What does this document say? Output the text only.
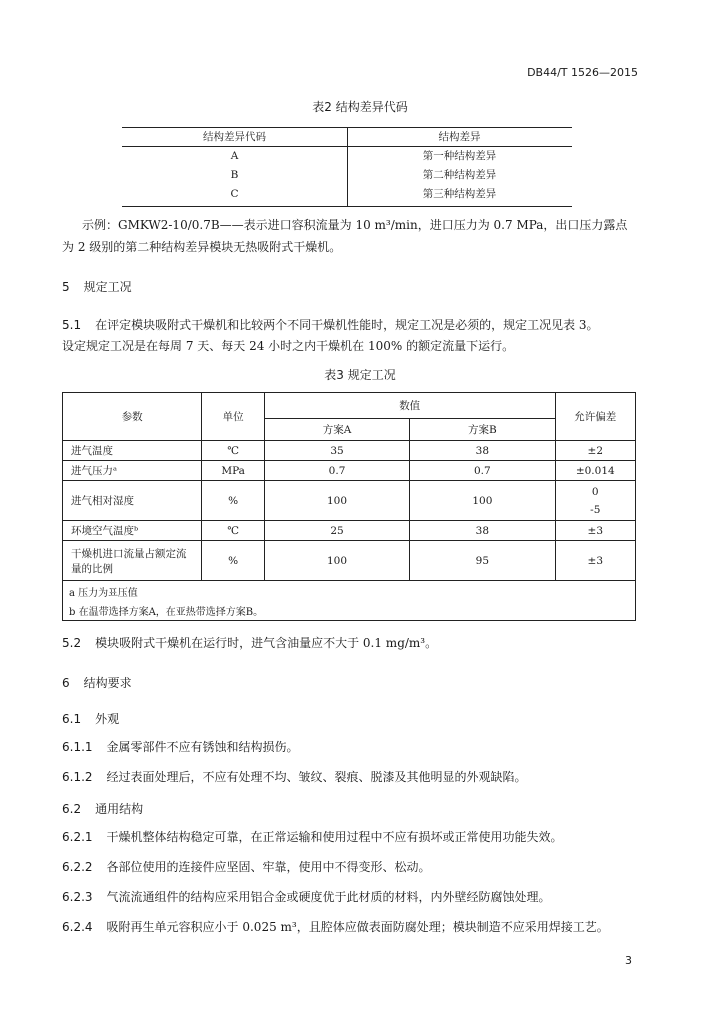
DB44/T 1526—2015
表2 结构差异代码
结构差异代码	结构差异
A	第一种结构差异
B	第二种结构差异
C	第三种结构差异
示例：GMKW2-10/0.7B——表示进口容积流量为 10 m³/min，进口压力为 0.7 MPa，出口压力露点
为 2 级别的第二种结构差异模块无热吸附式干燥机。
5 规定工况
5.1 在评定模块吸附式干燥机和比较两个不同干燥机性能时，规定工况是必须的，规定工况见表 3。
设定规定工况是在每周 7 天、每天 24 小时之内干燥机在 100% 的额定流量下运行。
表3 规定工况
参数	单位	数值		允许偏差
		方案A	方案B	
进气温度	℃	35	38	±2
进气压力ᵃ	MPa	0.7	0.7	±0.014
进气相对湿度	%	100	100	0
-5

环境空气温度ᵇ	℃	25	38	±3

干燥机进口流量占额定流
量的比例	%	100	95	±3

a 压力为표压值
b 在温带选择方案A，在亚热带选择方案B。				
5.2 模块吸附式干燥机在运行时，进气含油量应不大于 0.1 mg/m³。
6 结构要求
6.1 外观
6.1.1 金属零部件不应有锈蚀和结构损伤。
6.1.2 经过表面处理后，不应有处理不均、皱纹、裂痕、脱漆及其他明显的外观缺陷。
6.2 通用结构
6.2.1 干燥机整体结构稳定可靠，在正常运输和使用过程中不应有损坏或正常使用功能失效。
6.2.2 各部位使用的连接件应坚固、牢靠，使用中不得变形、松动。
6.2.3 气流流通组件的结构应采用铝合金或硬度优于此材质的材料，内外壁经防腐蚀处理。
6.2.4 吸附再生单元容积应小于 0.025 m³，且腔体应做表面防腐处理；模块制造不应采用焊接工艺。
3
